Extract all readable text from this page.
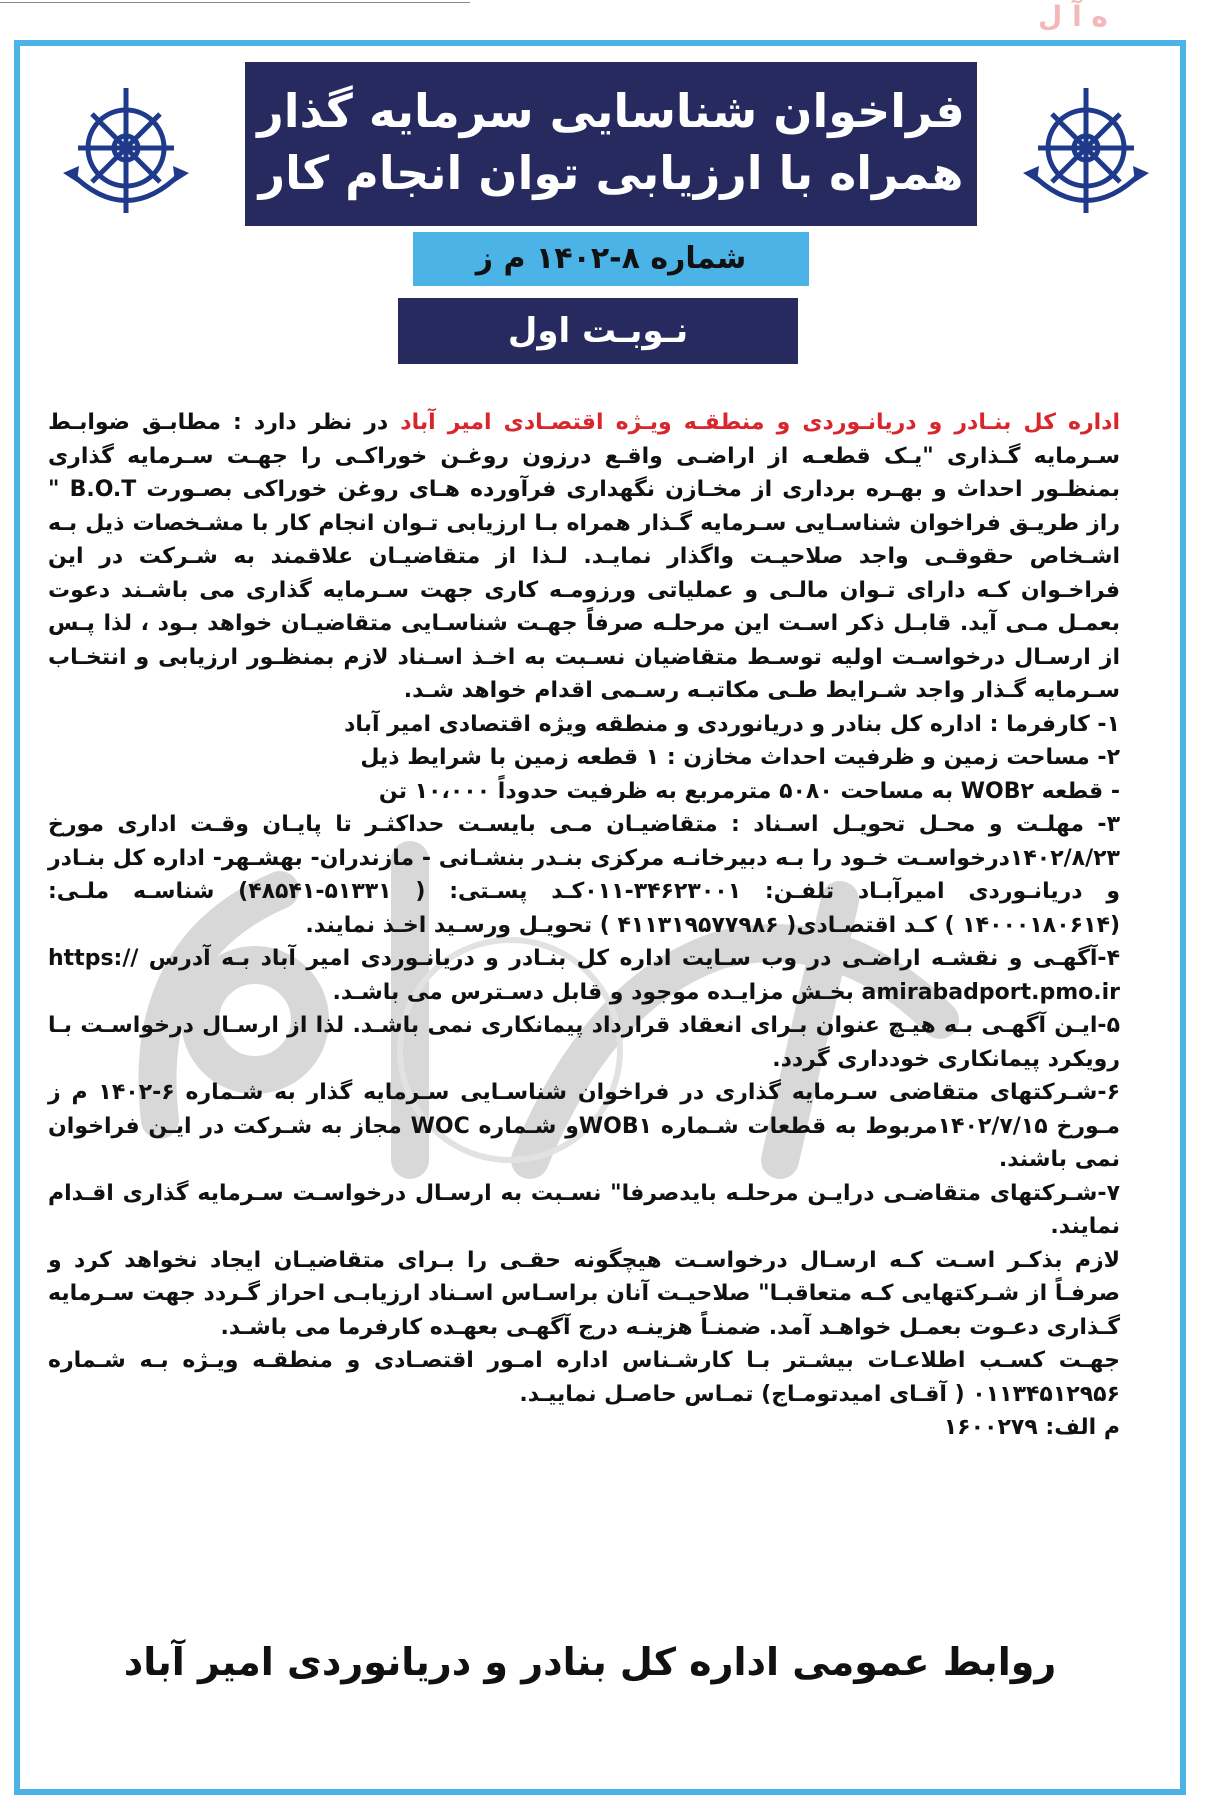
ه آ ل
فراخوان شناسایی سرمایه گذار
همراه با ارزیابی توان انجام کار
شماره ۸-۱۴۰۲ م ز
نـوبـت اول

اداره کل بنـادر و دریانـوردی و منطقـه ویـژه اقتصـادی امیر آباد در نظر دارد : مطابـق ضوابـط سـرمایه گـذاری "یـک قطعـه از اراضـی واقـع درزون روغـن خوراکـی را جهـت سـرمایه گذاری بمنظـور احداث و بهـره برداری از مخـازن نگهداری فرآورده هـای روغن خوراکی بصـورت B.O.T " راز طریـق فراخوان شناسـایی سـرمایه گـذار همراه بـا ارزیابی تـوان انجام کار با مشـخصات ذیل بـه اشـخاص حقوقـی واجد صلاحیـت واگذار نمایـد. لـذا از متقاضیـان علاقمند به شـرکت در این فراخـوان کـه دارای تـوان مالـی و عملیاتی ورزومـه کاری جهت سـرمایه گذاری می باشـند دعوت بعمـل مـی آید. قابـل ذکر اسـت این مرحلـه صرفاً جهـت شناسـایی متقاضیـان خواهد بـود ، لذا پـس از ارسـال درخواسـت اولیه توسـط متقاضیان نسـبت به اخـذ اسـناد لازم بمنظـور ارزیابی و انتخـاب سـرمایه گـذار واجد شـرایط طـی مکاتبـه رسـمی اقدام خواهد شـد.

۱- کارفرما : اداره کل بنادر و دریانوردی و منطقه ویژه اقتصادی امیر آباد

۲- مساحت زمین و ظرفیت احداث مخازن : ۱ قطعه زمین با شرایط ذیل

- قطعه WOB۲ به مساحت ۵۰۸۰ مترمربع به ظرفیت حدوداً ۱۰،۰۰۰ تن

۳- مهلـت و محـل تحویـل اسـناد : متقاضیـان مـی بایسـت حداکثـر تا پایـان وقـت اداری مورخ ۱۴۰۲/۸/۲۳درخواسـت خـود را بـه دبیرخانـه مرکزی بنـدر بنشـانی - مازندران- بهشـهر- اداره کل بنـادر و دریانـوردی امیرآبـاد تلفـن: ۳۴۶۲۳۰۰۱-۰۱۱کـد پسـتی: ( ۵۱۳۳۱-۴۸۵۴۱) شناسـه ملـی:(۱۴۰۰۰۱۸۰۶۱۴ ) کـد اقتصـادی( ۴۱۱۳۱۹۵۷۷۹۸۶ ) تحویـل ورسـید اخـذ نمایند.

۴-آگهـی و نقشـه اراضـی در وب سـایت اداره کل بنـادر و دریانـوردی امیر آباد بـه آدرس https:// amirabadport.pmo.ir بخـش مزایـده موجود و قابل دسـترس می باشـد.

۵-ایـن آگهـی بـه هیـچ عنوان بـرای انعقاد قرارداد پیمانکاری نمی باشـد. لذا از ارسـال درخواسـت بـا رویکرد پیمانکاری خودداری گردد.

۶-شـرکتهای متقاضی سـرمایه گذاری در فراخوان شناسـایی سـرمایه گذار به شـماره ۶-۱۴۰۲ م ز مـورخ ۱۴۰۲/۷/۱۵مربوط به قطعات شـماره WOB۱و شـماره WOC مجاز به شـرکت در ایـن فراخوان نمی باشند.

۷-شـرکتهای متقاضـی درایـن مرحلـه بایدصرفا" نسـبت به ارسـال درخواسـت سـرمایه گذاری اقـدام نمایند.

لازم بذکـر اسـت کـه ارسـال درخواسـت هیچگونه حقـی را بـرای متقاضیـان ایجاد نخواهد کرد و صرفـاً از شـرکتهایی کـه متعاقبـا" صلاحیـت آنان براسـاس اسـناد ارزیابـی احراز گـردد جهت سـرمایه گـذاری دعـوت بعمـل خواهـد آمد. ضمنـاً هزینـه درج آگهـی بعهـده کارفرما می باشـد.

جهـت کسـب اطلاعـات بیشـتر بـا کارشـناس اداره امـور اقتصـادی و منطقـه ویـژه بـه شـماره ۰۱۱۳۴۵۱۲۹۵۶ ( آقـای امیدتومـاج) تمـاس حاصـل نماییـد.

م الف: ۱۶۰۰۲۷۹

روابط عمومی اداره کل بنادر و دریانوردی امیر آباد
